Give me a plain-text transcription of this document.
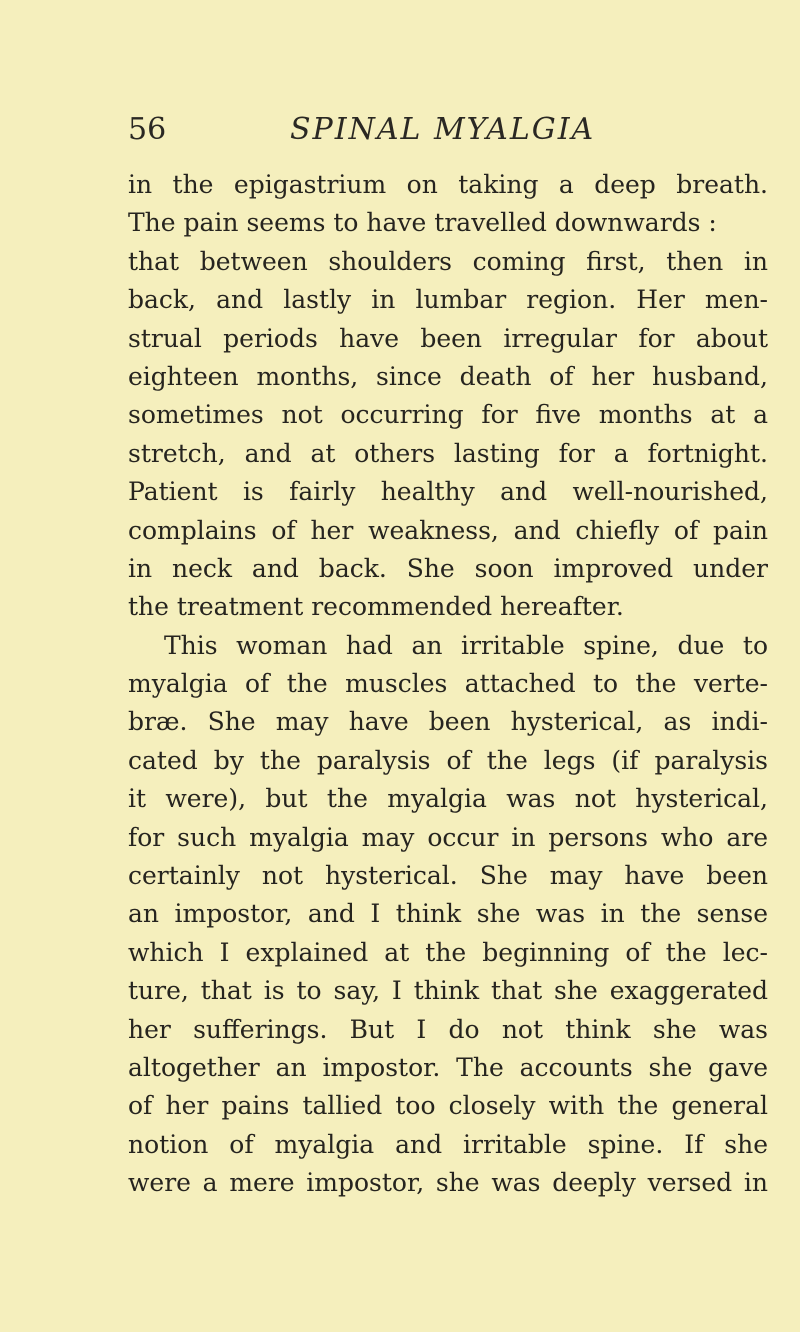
56	SPINAL MYALGIA
in the epigastrium on taking a deep breath.
The pain seems to have travelled downwards :
that between shoulders coming first, then in
back, and lastly in lumbar region. Her men-
strual periods have been irregular for about
eighteen months, since death of her husband,
sometimes not occurring for five months at a
stretch, and at others lasting for a fortnight.
Patient is fairly healthy and well-nourished,
complains of her weakness, and chiefly of pain
in neck and back. She soon improved under
the treatment recommended hereafter.
This woman had an irritable spine, due to
myalgia of the muscles attached to the verte-
bræ. She may have been hysterical, as indi-
cated by the paralysis of the legs (if paralysis
it were), but the myalgia was not hysterical,
for such myalgia may occur in persons who are
certainly not hysterical. She may have been
an impostor, and I think she was in the sense
which I explained at the beginning of the lec-
ture, that is to say, I think that she exaggerated
her sufferings. But I do not think she was
altogether an impostor. The accounts she gave
of her pains tallied too closely with the general
notion of myalgia and irritable spine. If she
were a mere impostor, she was deeply versed in
